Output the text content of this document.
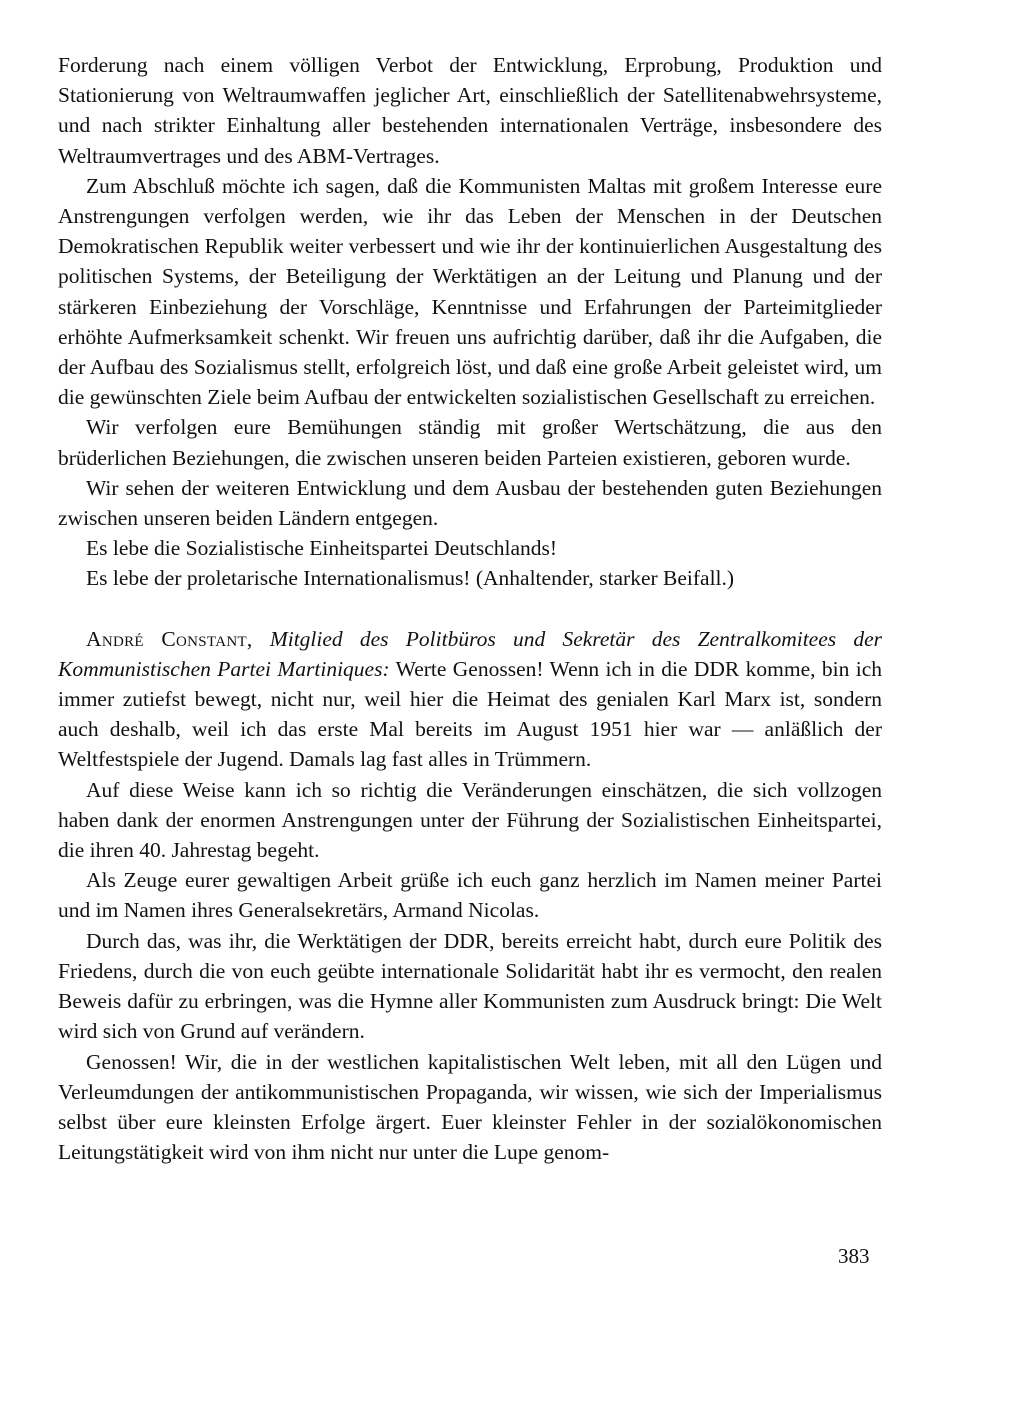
Forderung nach einem völligen Verbot der Entwicklung, Erprobung, Produktion und Stationierung von Weltraumwaffen jeglicher Art, einschließlich der Satellitenabwehrsysteme, und nach strikter Einhaltung aller bestehenden internationalen Verträge, insbesondere des Weltraumvertrages und des ABM-Vertrages.

Zum Abschluß möchte ich sagen, daß die Kommunisten Maltas mit großem Interesse eure Anstrengungen verfolgen werden, wie ihr das Leben der Menschen in der Deutschen Demokratischen Republik weiter verbessert und wie ihr der kontinuierlichen Ausgestaltung des politischen Systems, der Beteiligung der Werktätigen an der Leitung und Planung und der stärkeren Einbeziehung der Vorschläge, Kenntnisse und Erfahrungen der Parteimitglieder erhöhte Aufmerksamkeit schenkt. Wir freuen uns aufrichtig darüber, daß ihr die Aufgaben, die der Aufbau des Sozialismus stellt, erfolgreich löst, und daß eine große Arbeit geleistet wird, um die gewünschten Ziele beim Aufbau der entwickelten sozialistischen Gesellschaft zu erreichen.

Wir verfolgen eure Bemühungen ständig mit großer Wertschätzung, die aus den brüderlichen Beziehungen, die zwischen unseren beiden Parteien existieren, geboren wurde.

Wir sehen der weiteren Entwicklung und dem Ausbau der bestehenden guten Beziehungen zwischen unseren beiden Ländern entgegen.

Es lebe die Sozialistische Einheitspartei Deutschlands!

Es lebe der proletarische Internationalismus! (Anhaltender, starker Beifall.)

André Constant, Mitglied des Politbüros und Sekretär des Zentralkomitees der Kommunistischen Partei Martiniques: Werte Genossen! Wenn ich in die DDR komme, bin ich immer zutiefst bewegt, nicht nur, weil hier die Heimat des genialen Karl Marx ist, sondern auch deshalb, weil ich das erste Mal bereits im August 1951 hier war — anläßlich der Weltfestspiele der Jugend. Damals lag fast alles in Trümmern.

Auf diese Weise kann ich so richtig die Veränderungen einschätzen, die sich vollzogen haben dank der enormen Anstrengungen unter der Führung der Sozialistischen Einheitspartei, die ihren 40. Jahrestag begeht.

Als Zeuge eurer gewaltigen Arbeit grüße ich euch ganz herzlich im Namen meiner Partei und im Namen ihres Generalsekretärs, Armand Nicolas.

Durch das, was ihr, die Werktätigen der DDR, bereits erreicht habt, durch eure Politik des Friedens, durch die von euch geübte internationale Solidarität habt ihr es vermocht, den realen Beweis dafür zu erbringen, was die Hymne aller Kommunisten zum Ausdruck bringt: Die Welt wird sich von Grund auf verändern.

Genossen! Wir, die in der westlichen kapitalistischen Welt leben, mit all den Lügen und Verleumdungen der antikommunistischen Propaganda, wir wissen, wie sich der Imperialismus selbst über eure kleinsten Erfolge ärgert. Euer kleinster Fehler in der sozialökonomischen Leitungstätigkeit wird von ihm nicht nur unter die Lupe genom-

383
